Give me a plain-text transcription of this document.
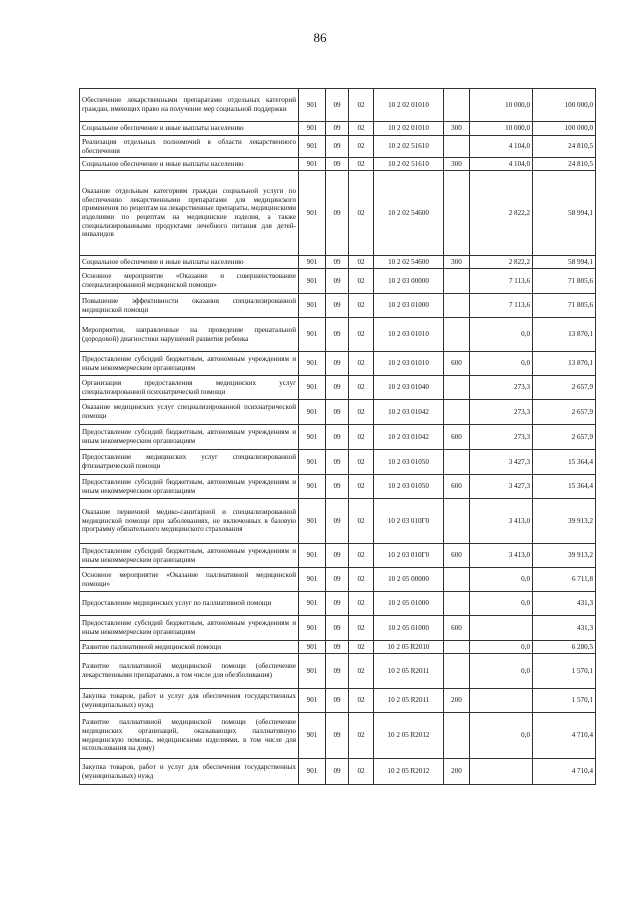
86
Обеспечение лекарственными препаратами отдельных категорий граждан, имеющих право на получение мер социальной поддержки	901	09	02	10 2 02 01010		10 000,0	100 000,0
Социальное обеспечение и иные выплаты населению	901	09	02	10 2 02 01010	300	10 000,0	100 000,0
Реализация отдельных полномочий в области лекарственного обеспечения	901	09	02	10 2 02 51610		4 104,0	24 810,5
Социальное обеспечение и иные выплаты населению	901	09	02	10 2 02 51610	300	4 104,0	24 810,5
Оказание отдельным категориям граждан социальной услуги по обеспечению лекарственными препаратами для медицинского применения по рецептам на лекарственные препараты, медицинскими изделиями по рецептам на медицинские изделия, а также специализированными продуктами лечебного питания для детей-инвалидов	901	09	02	10 2 02 54600		2 822,2	58 994,1
Социальное обеспечение и иные выплаты населению	901	09	02	10 2 02 54600	300	2 822,2	58 994,1
Основное мероприятие «Оказание и совершенствование специализированной медицинской помощи»	901	09	02	10 2 03 00000		7 113,6	71 805,6
Повышение эффективности оказания специализированной медицинской помощи	901	09	02	10 2 03 01000		7 113,6	71 805,6
Мероприятия, направленные на проведение пренатальной (дородовой) диагностики нарушений развития ребенка	901	09	02	10 2 03 01010		0,0	13 870,1
Предоставление субсидий бюджетным, автономным учреждениям и иным некоммерческим организациям	901	09	02	10 2 03 01010	600	0,0	13 870,1
Организация предоставления медицинских услуг специализированной психиатрической помощи	901	09	02	10 2 03 01040		273,3	2 657,9
Оказание медицинских услуг специализированной психиатрической помощи	901	09	02	10 2 03 01042		273,3	2 657,9
Предоставление субсидий бюджетным, автономным учреждениям и иным некоммерческим организациям	901	09	02	10 2 03 01042	600	273,3	2 657,9
Предоставление медицинских услуг специализированной фтизиатрической помощи	901	09	02	10 2 03 01050		3 427,3	15 364,4
Предоставление субсидий бюджетным, автономным учреждениям и иным некоммерческим организациям	901	09	02	10 2 03 01050	600	3 427,3	15 364,4
Оказание первичной медико-санитарной и специализированной медицинской помощи при заболеваниях, не включенных в базовую программу обязательного медицинского страхования	901	09	02	10 2 03 010Г0		3 413,0	39 913,2
Предоставление субсидий бюджетным, автономным учреждениям и иным некоммерческим организациям	901	09	02	10 2 03 010Г0	600	3 413,0	39 913,2
Основное мероприятие «Оказание паллиативной медицинской помощи»	901	09	02	10 2 05 00000		0,0	6 711,8
Предоставление медицинских услуг по паллиативной помощи	901	09	02	10 2 05 01000		0,0	431,3
Предоставление субсидий бюджетным, автономным учреждениям и иным некоммерческим организациям	901	09	02	10 2 05 01000	600		431,3
Развитие паллиативной медицинской помощи	901	09	02	10 2 05 R2010		0,0	6 280,5
Развитие паллиативной медицинской помощи (обеспечение лекарственными препаратами, в том числе для обезболивания)	901	09	02	10 2 05 R2011		0,0	1 570,1
Закупка товаров, работ и услуг для обеспечения государственных (муниципальных) нужд	901	09	02	10 2 05 R2011	200		1 570,1
Развитие паллиативной медицинской помощи (обеспечение медицинских организаций, оказывающих паллиативную медицинскую помощь, медицинскими изделиями, в том числе для использования на дому)	901	09	02	10 2 05 R2012		0,0	4 710,4
Закупка товаров, работ и услуг для обеспечения государственных (муниципальных) нужд	901	09	02	10 2 05 R2012	200		4 710,4
